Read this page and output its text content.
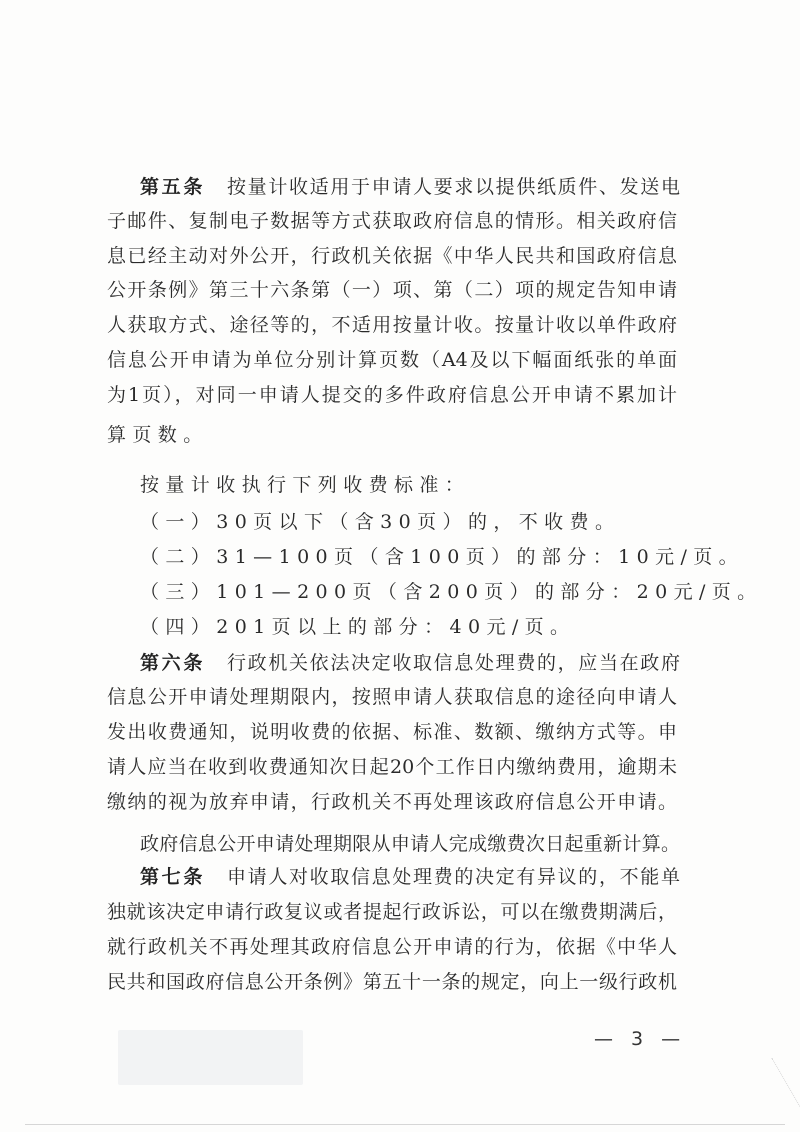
第五条 按量计收适用于申请人要求以提供纸质件、发送电
子邮件、复制电子数据等方式获取政府信息的情形。相关政府信
息已经主动对外公开，行政机关依据《中华人民共和国政府信息
公开条例》第三十六条第（一）项、第（二）项的规定告知申请
人获取方式、途径等的，不适用按量计收。按量计收以单件政府
信息公开申请为单位分别计算页数（A4及以下幅面纸张的单面
为1页），对同一申请人提交的多件政府信息公开申请不累加计
算页数。
按量计收执行下列收费标准：
（一）30页以下（含30页）的，不收费。
（二）31—100页（含100页）的部分：10元/页。
（三）101—200页（含200页）的部分：20元/页。
（四）201页以上的部分：40元/页。
第六条 行政机关依法决定收取信息处理费的，应当在政府
信息公开申请处理期限内，按照申请人获取信息的途径向申请人
发出收费通知，说明收费的依据、标准、数额、缴纳方式等。申
请人应当在收到收费通知次日起20个工作日内缴纳费用，逾期未
缴纳的视为放弃申请，行政机关不再处理该政府信息公开申请。
政府信息公开申请处理期限从申请人完成缴费次日起重新计算。
第七条 申请人对收取信息处理费的决定有异议的，不能单
独就该决定申请行政复议或者提起行政诉讼，可以在缴费期满后，
就行政机关不再处理其政府信息公开申请的行为，依据《中华人
民共和国政府信息公开条例》第五十一条的规定，向上一级行政机
— 3 —
